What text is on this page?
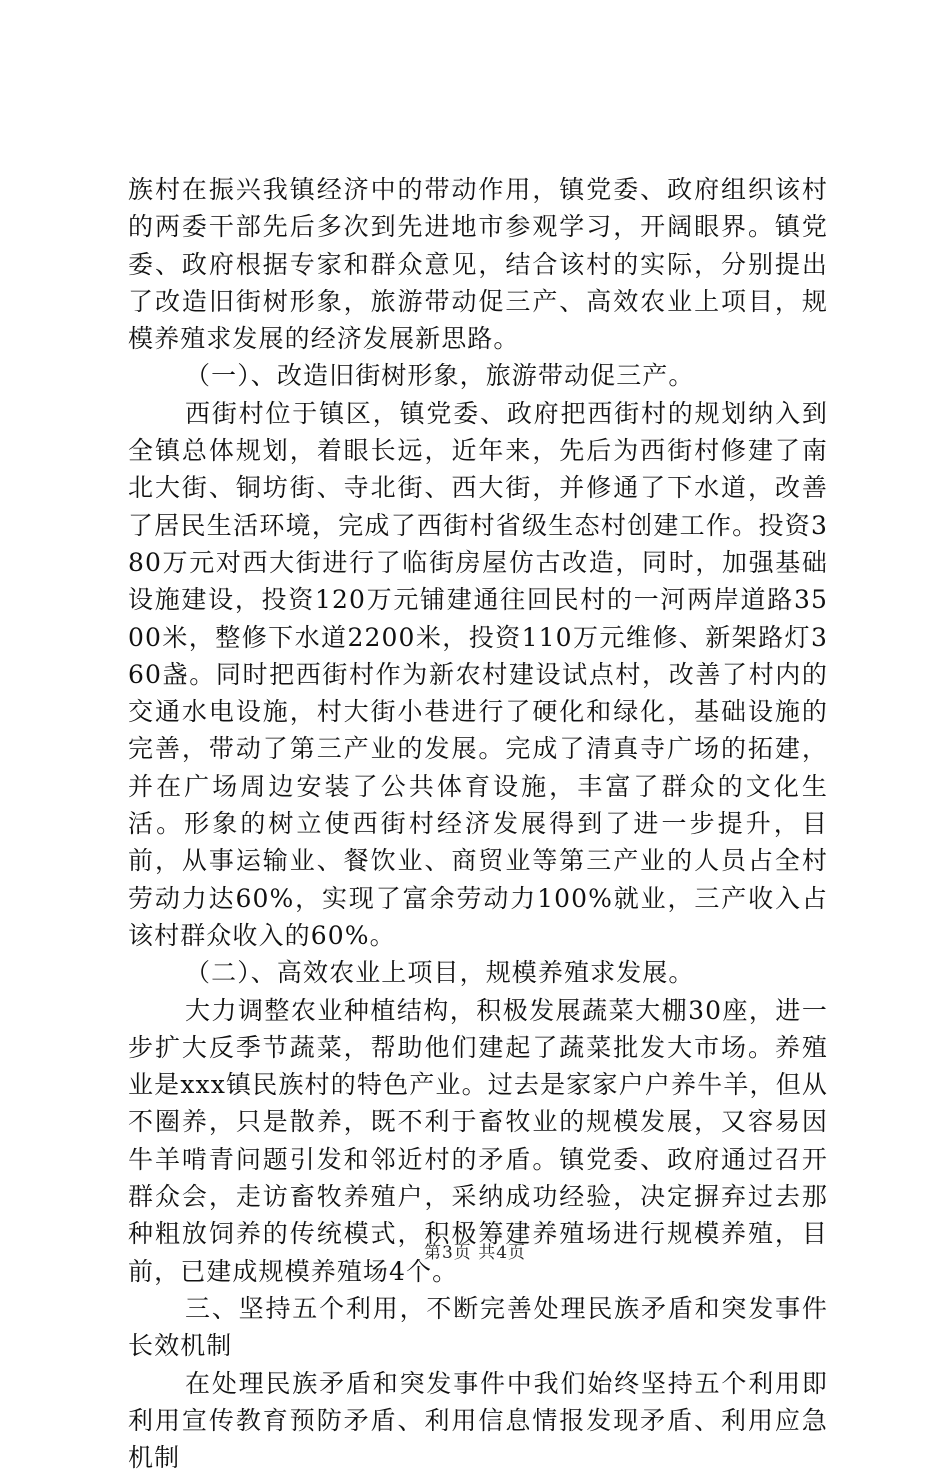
族村在振兴我镇经济中的带动作用，镇党委、政府组织该村的两委干部先后多次到先进地市参观学习，开阔眼界。镇党委、政府根据专家和群众意见，结合该村的实际，分别提出了改造旧街树形象，旅游带动促三产、高效农业上项目，规模养殖求发展的经济发展新思路。

（一）、改造旧街树形象，旅游带动促三产。

西街村位于镇区，镇党委、政府把西街村的规划纳入到全镇总体规划，着眼长远，近年来，先后为西街村修建了南北大街、铜坊街、寺北街、西大街，并修通了下水道，改善了居民生活环境，完成了西街村省级生态村创建工作。投资380万元对西大街进行了临街房屋仿古改造，同时，加强基础设施建设，投资120万元铺建通往回民村的一河两岸道路3500米，整修下水道2200米，投资110万元维修、新架路灯360盏。同时把西街村作为新农村建设试点村，改善了村内的交通水电设施，村大街小巷进行了硬化和绿化，基础设施的完善，带动了第三产业的发展。完成了清真寺广场的拓建，并在广场周边安装了公共体育设施，丰富了群众的文化生活。形象的树立使西街村经济发展得到了进一步提升，目前，从事运输业、餐饮业、商贸业等第三产业的人员占全村劳动力达60%，实现了富余劳动力100%就业，三产收入占该村群众收入的60%。

（二）、高效农业上项目，规模养殖求发展。

大力调整农业种植结构，积极发展蔬菜大棚30座，进一步扩大反季节蔬菜，帮助他们建起了蔬菜批发大市场。养殖业是xxx镇民族村的特色产业。过去是家家户户养牛羊，但从不圈养，只是散养，既不利于畜牧业的规模发展，又容易因牛羊啃青问题引发和邻近村的矛盾。镇党委、政府通过召开群众会，走访畜牧养殖户，采纳成功经验，决定摒弃过去那种粗放饲养的传统模式，积极筹建养殖场进行规模养殖，目前，已建成规模养殖场4个。

三、坚持五个利用，不断完善处理民族矛盾和突发事件长效机制

在处理民族矛盾和突发事件中我们始终坚持五个利用即利用宣传教育预防矛盾、利用信息情报发现矛盾、利用应急机制

第3页 共4页
